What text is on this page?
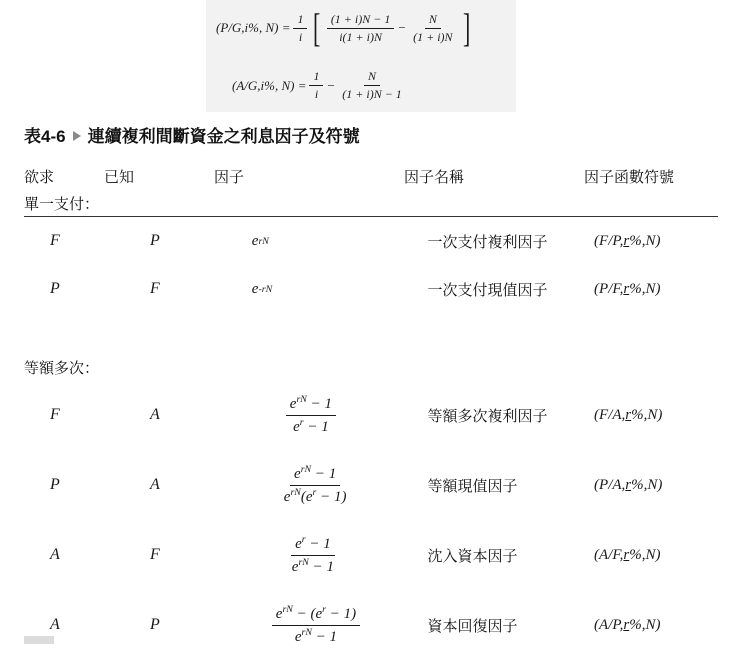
(P/G,i%, $N) = \frac{1}{i}$ [ $\frac{(1 + i)N - 1}{i(1 + i)N} - \frac{N}{(1 + i)N}$ ]
(A/G,i%, $N) = \frac{1}{i} - \frac{N}{(1 + i)N - 1}$
表4-6 連續複利間斷資金之利息因子及符號
欲求	已知	因子	因子名稱	因子函數符號
單一支付：
F	P	e rN	一次支付複利因子	( F/P, r %,N)
P	F	e -rN	一次支付現值因子	( P/F, r %,N)
等額多次：
F	A	$\frac{e^{rN} - 1}{e^r - 1}$	等額多次複利因子	( F/A, r %,N)
P	A	$\frac{e^{rN} - 1}{e^{rN}(e^r - 1)}$	等額現值因子	( P/A, r %,N)
A	F	$\frac{e^r - 1}{e^{rN} - 1}$	沈入資本因子	( A/F, r %,N)
A	P	$\frac{e^{rN} - (e^r - 1)}{e^{rN} - 1}$	資本回復因子	( A/P, r %,N)
